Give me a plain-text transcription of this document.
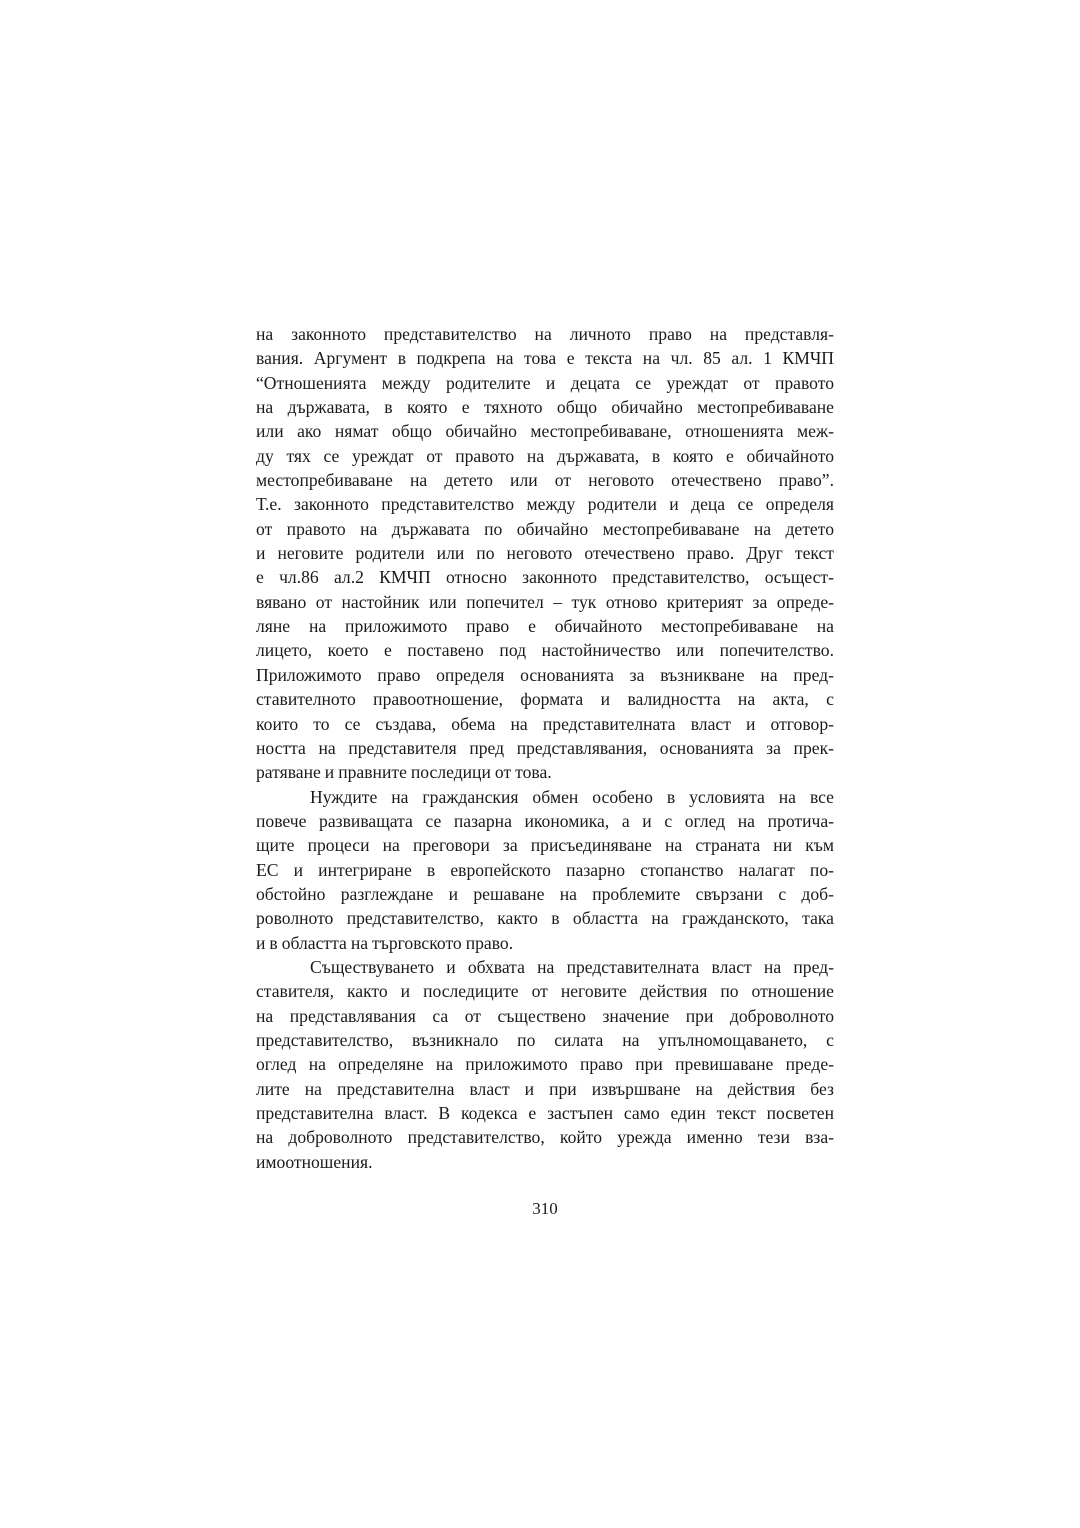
на законното представителство на личното право на представля-
вания. Аргумент в подкрепа на това е текста на чл. 85 ал. 1 КМЧП
“Отношенията между родителите и децата се уреждат от правото
на държавата, в която е тяхното общо обичайно местопребиваване
или ако нямат общо обичайно местопребиваване, отношенията меж-
ду тях се уреждат от правото на държавата, в която е обичайното
местопребиваване на детето или от неговото отечествено право”.
Т.е. законното представителство между родители и деца се определя
от правото на държавата по обичайно местопребиваване на детето
и неговите родители или по неговото отечествено право. Друг текст
е чл.86 ал.2 КМЧП относно законното представителство, осъщест-
вявано от настойник или попечител – тук отново критерият за опреде-
ляне на приложимото право е обичайното местопребиваване на
лицето, което е поставено под настойничество или попечителство.
Приложимото право определя основанията за възникване на пред-
ставителното правоотношение, формата и валидността на акта, с
които то се създава, обема на представителната власт и отговор-
ността на представителя пред представлявания, основанията за прек-
ратяване и правните последици от това.

Нуждите на гражданския обмен особено в условията на все
повече развиващата се пазарна икономика, а и с оглед на протича-
щите процеси на преговори за присъединяване на страната ни към
ЕС и интегриране в европейското пазарно стопанство налагат по-
обстойно разглеждане и решаване на проблемите свързани с доб-
роволното представителство, както в областта на гражданското, така
и в областта на търговското право.

Съществуването и обхвата на представителната власт на пред-
ставителя, както и последиците от неговите действия по отношение
на представлявания са от съществено значение при доброволното
представителство, възникнало по силата на упълномощаването, с
оглед на определяне на приложимото право при превишаване преде-
лите на представителна власт и при извършване на действия без
представителна власт. В кодекса е застъпен само един текст посветен
на доброволното представителство, който урежда именно тези вза-
имоотношения.

310
